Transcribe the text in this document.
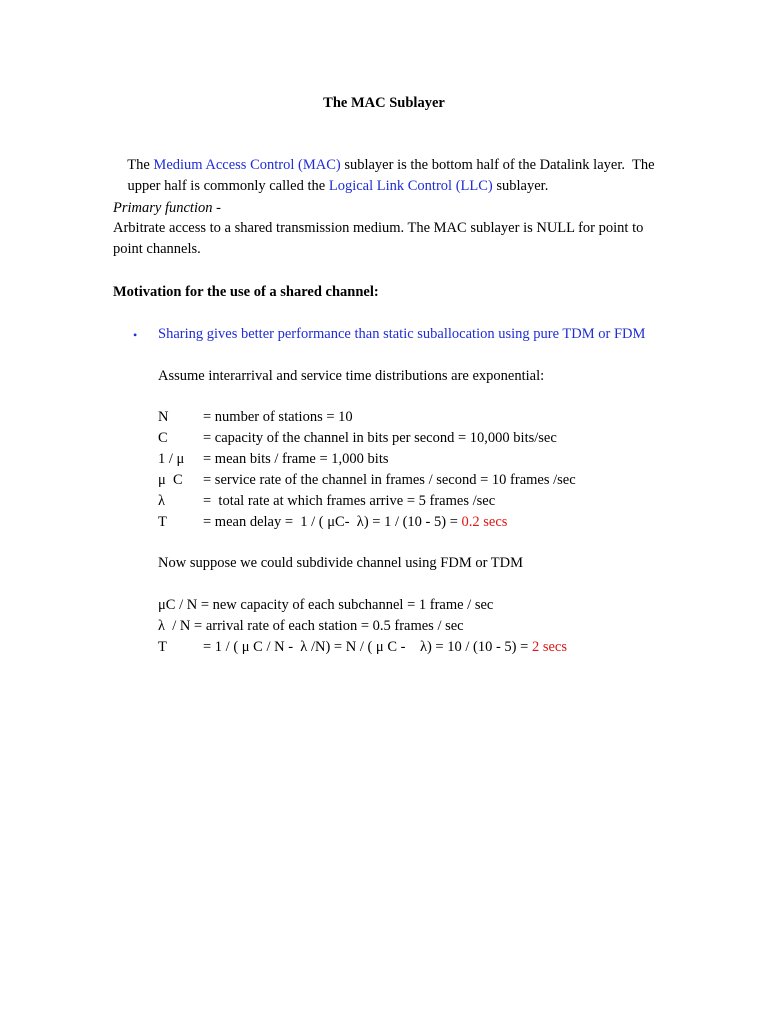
The MAC Sublayer

The Medium Access Control (MAC) sublayer is the bottom half of the Datalink layer.  The

upper half is commonly called the Logical Link Control (LLC) sublayer.

Primary function -
Arbitrate access to a shared transmission medium. The MAC sublayer is NULL for point to
point channels.
Motivation for the use of a shared channel:
• Sharing gives better performance than static suballocation using pure TDM or FDM
Assume interarrival and service time distributions are exponential:
N = number of stations = 10
C = capacity of the channel in bits per second = 10,000 bits/sec
1 / μ = mean bits / frame = 1,000 bits
μ  C = service rate of the channel in frames / second = 10 frames /sec
λ	=  total rate at which frames arrive = 5 frames /sec
T = mean delay =  1 / ( μC-  λ) = 1 / (10 - 5) = 0.2 secs
Now suppose we could subdivide channel using FDM or TDM
μC / N = new capacity of each subchannel = 1 frame / sec
λ  / N = arrival rate of each station = 0.5 frames / sec
T = 1 / ( μ C / N -  λ /N) = N / ( μ C -    λ) = 10 / (10 - 5) = 2 secs
